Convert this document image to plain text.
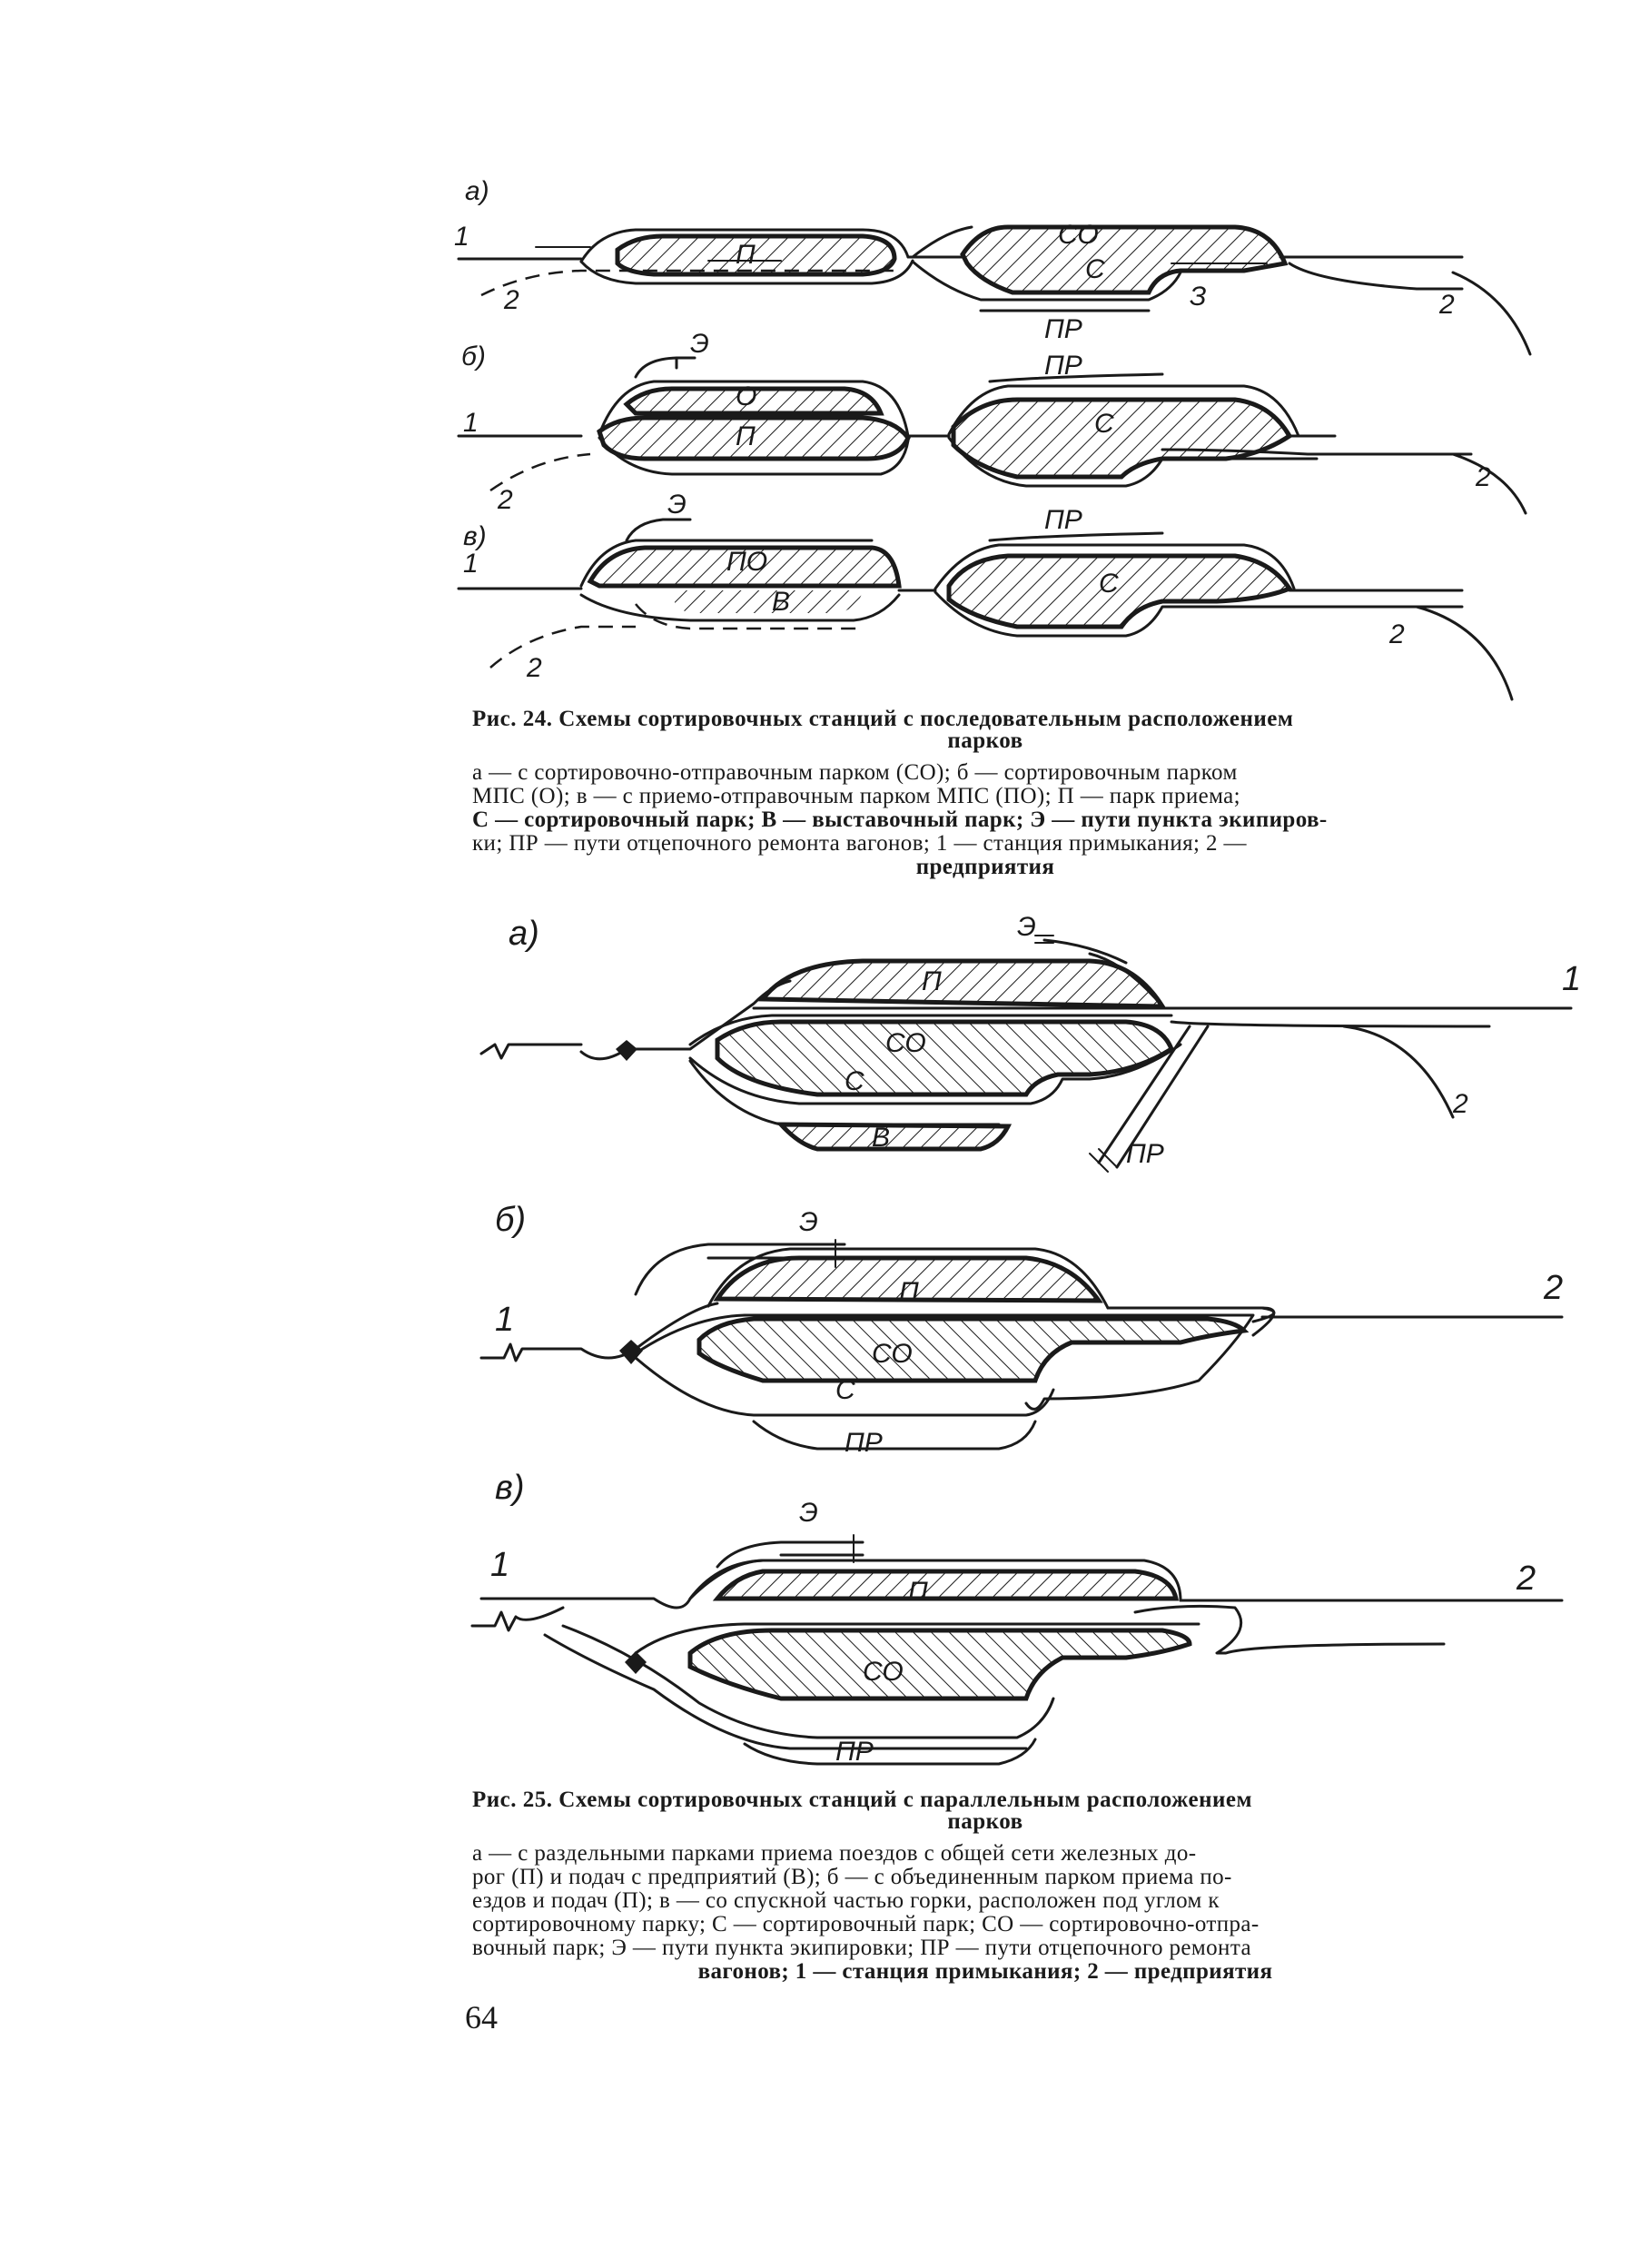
а)
1
2
П
СО
С
ПР
З	2
б)
1
2
Э
О
П
ПР
С
2
в)
1
2
Э
ПО
В
ПР
С
2
Рис. 24. Схемы сортировочных станций с последовательным расположением
парков

а — с сортировочно-отправочным парком (СО); б — сортировочным парком

МПС (О); в — с приемо-отправочным парком МПС (ПО); П — парк приема;

С — сортировочный парк; В — выставочный парк; Э — пути пункта экипиров-

ки; ПР — пути отцепочного ремонта вагонов; 1 — станция примыкания; 2 —

предприятия

а)	Э
П
СО
С
В
ПР
1
2
б)	Э
П
СО
С
ПР
1
2
в)
Э
П
СО
ПР
1	2
Рис. 25. Схемы сортировочных станций с параллельным расположением
парков

а — с раздельными парками приема поездов с общей сети железных до-

рог (П) и подач с предприятий (В); б — с объединенным парком приема по-

ездов и подач (П); в — со спускной частью горки, расположен под углом к

сортировочному парку; С — сортировочный парк; СО — сортировочно-отпра-

вочный парк; Э — пути пункта экипировки; ПР — пути отцепочного ремонта

вагонов; 1 — станция примыкания; 2 — предприятия

64
